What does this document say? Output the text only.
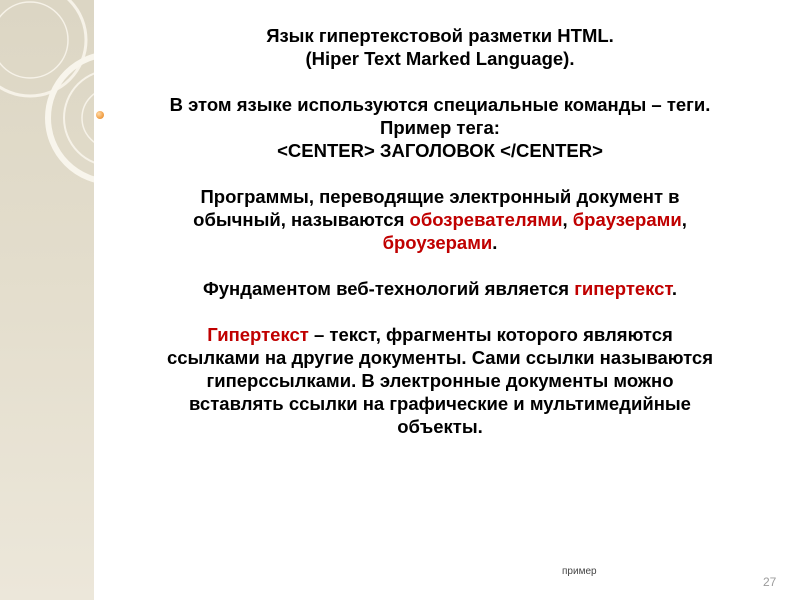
Язык гипертекстовой разметки HTML.

(Hiper Text Marked Language).

В этом языке используются специальные команды – теги.

Пример тега:

<CENTER> ЗАГОЛОВОК </CENTER>

Программы, переводящие электронный документ в

обычный, называются обозревателями, браузерами,

броузерами.

Фундаментом веб-технологий является гипертекст.

Гипертекст – текст, фрагменты которого являются

ссылками на другие документы. Сами ссылки называются

гиперссылками. В электронные документы можно

вставлять ссылки на графические и мультимедийные

объекты.

пример
27
